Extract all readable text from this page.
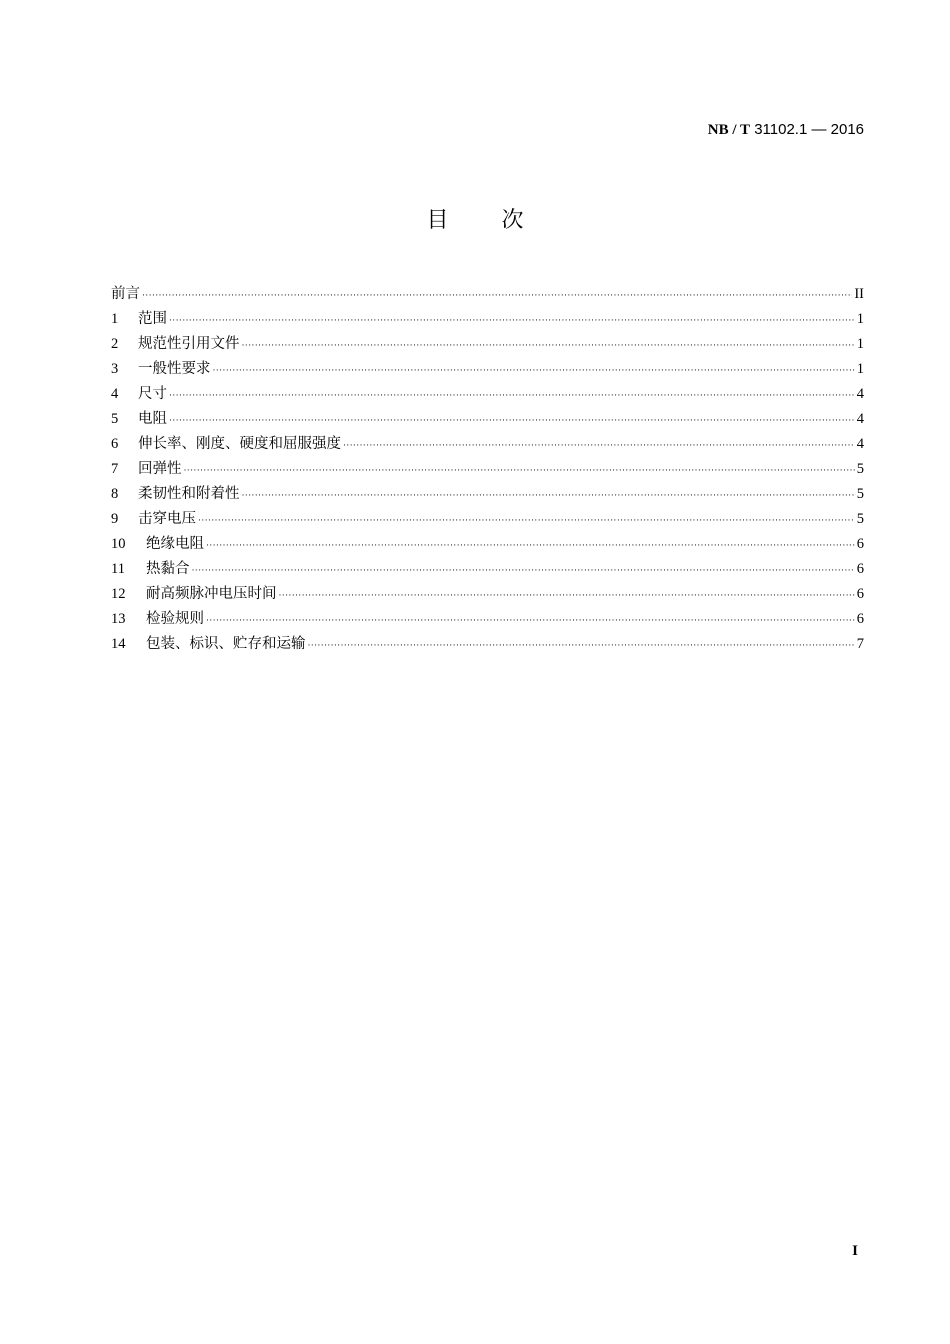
NB / T 31102.1 — 2016
目次
前言 ·····	II
1	范围 ·····	1
2	规范性引用文件 ·····	1
3	一般性要求 ·····	1
4	尺寸 ·····	4
5	电阻 ·····	4
6	伸长率、刚度、硬度和屈服强度 ·····	4
7	回弹性 ·····	5
8	柔韧性和附着性 ·····	5
9	击穿电压 ·····	5
10	绝缘电阻 ·····	6
11	热黏合 ·····	6
12	耐高频脉冲电压时间 ·····	6
13	检验规则 ·····	6
14	包装、标识、贮存和运输 ·····	7
I
